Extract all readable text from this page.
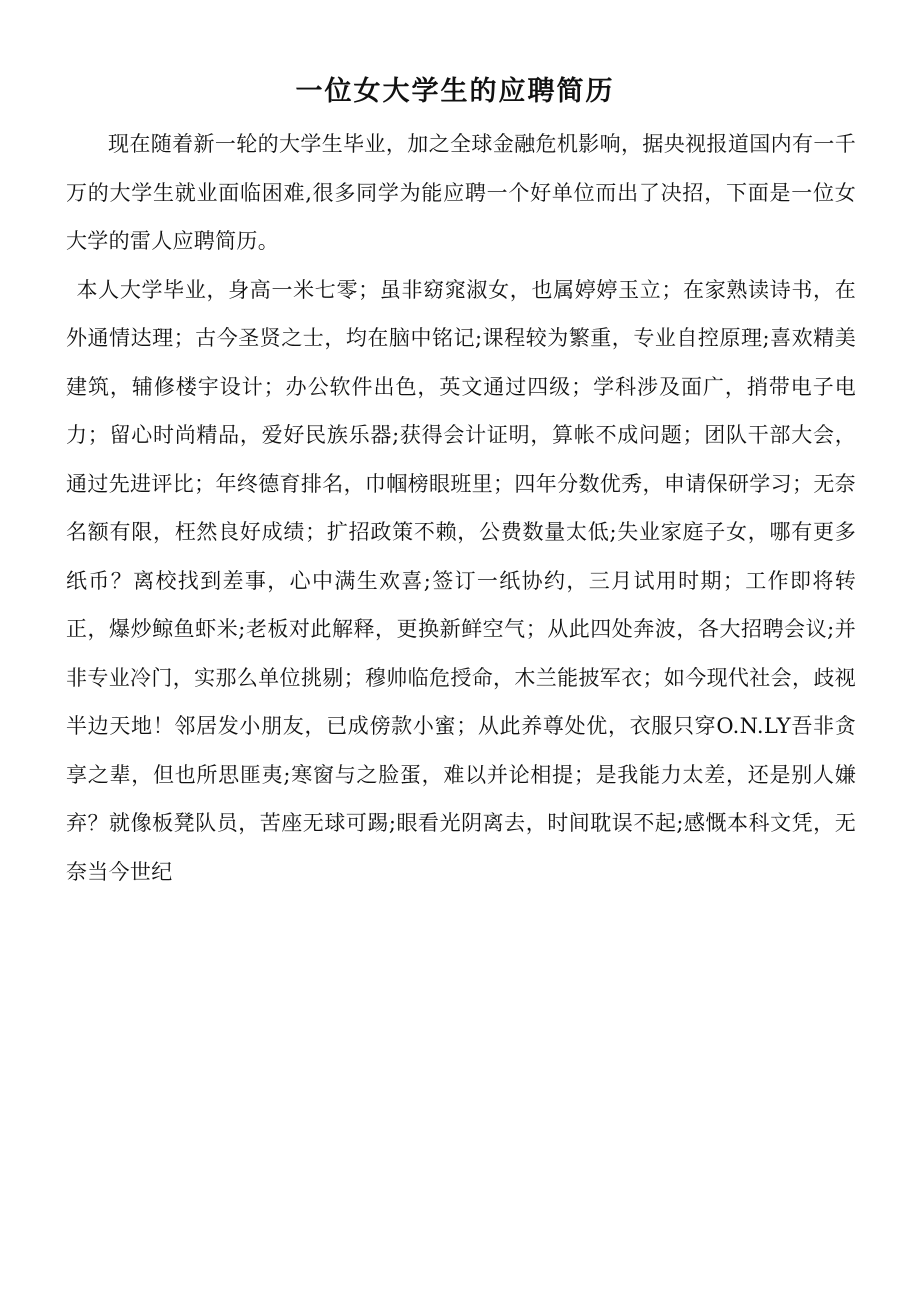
一位女大学生的应聘简历

现在随着新一轮的大学生毕业，加之全球金融危机影响，据央视报道国内有一千万的大学生就业面临困难,很多同学为能应聘一个好单位而出了决招，下面是一位女大学的雷人应聘简历。

本人大学毕业，身高一米七零；虽非窈窕淑女，也属婷婷玉立；在家熟读诗书，在外通情达理；古今圣贤之士，均在脑中铭记;课程较为繁重，专业自控原理;喜欢精美建筑，辅修楼宇设计；办公软件出色，英文通过四级；学科涉及面广，捎带电子电力；留心时尚精品，爱好民族乐器;获得会计证明，算帐不成问题；团队干部大会，通过先进评比；年终德育排名，巾帼榜眼班里；四年分数优秀，申请保研学习；无奈名额有限，枉然良好成绩；扩招政策不赖，公费数量太低;失业家庭子女，哪有更多纸币？离校找到差事，心中满生欢喜;签订一纸协约，三月试用时期；工作即将转正，爆炒鲸鱼虾米;老板对此解释，更换新鲜空气；从此四处奔波，各大招聘会议;并非专业冷门，实那么单位挑剔；穆帅临危授命，木兰能披军衣；如今现代社会，歧视半边天地！邻居发小朋友，已成傍款小蜜；从此养尊处优，衣服只穿O.N.LY吾非贪享之辈，但也所思匪夷;寒窗与之脸蛋，难以并论相提；是我能力太差，还是别人嫌弃？就像板凳队员，苦座无球可踢;眼看光阴离去，时间耽误不起;感慨本科文凭，无奈当今世纪
